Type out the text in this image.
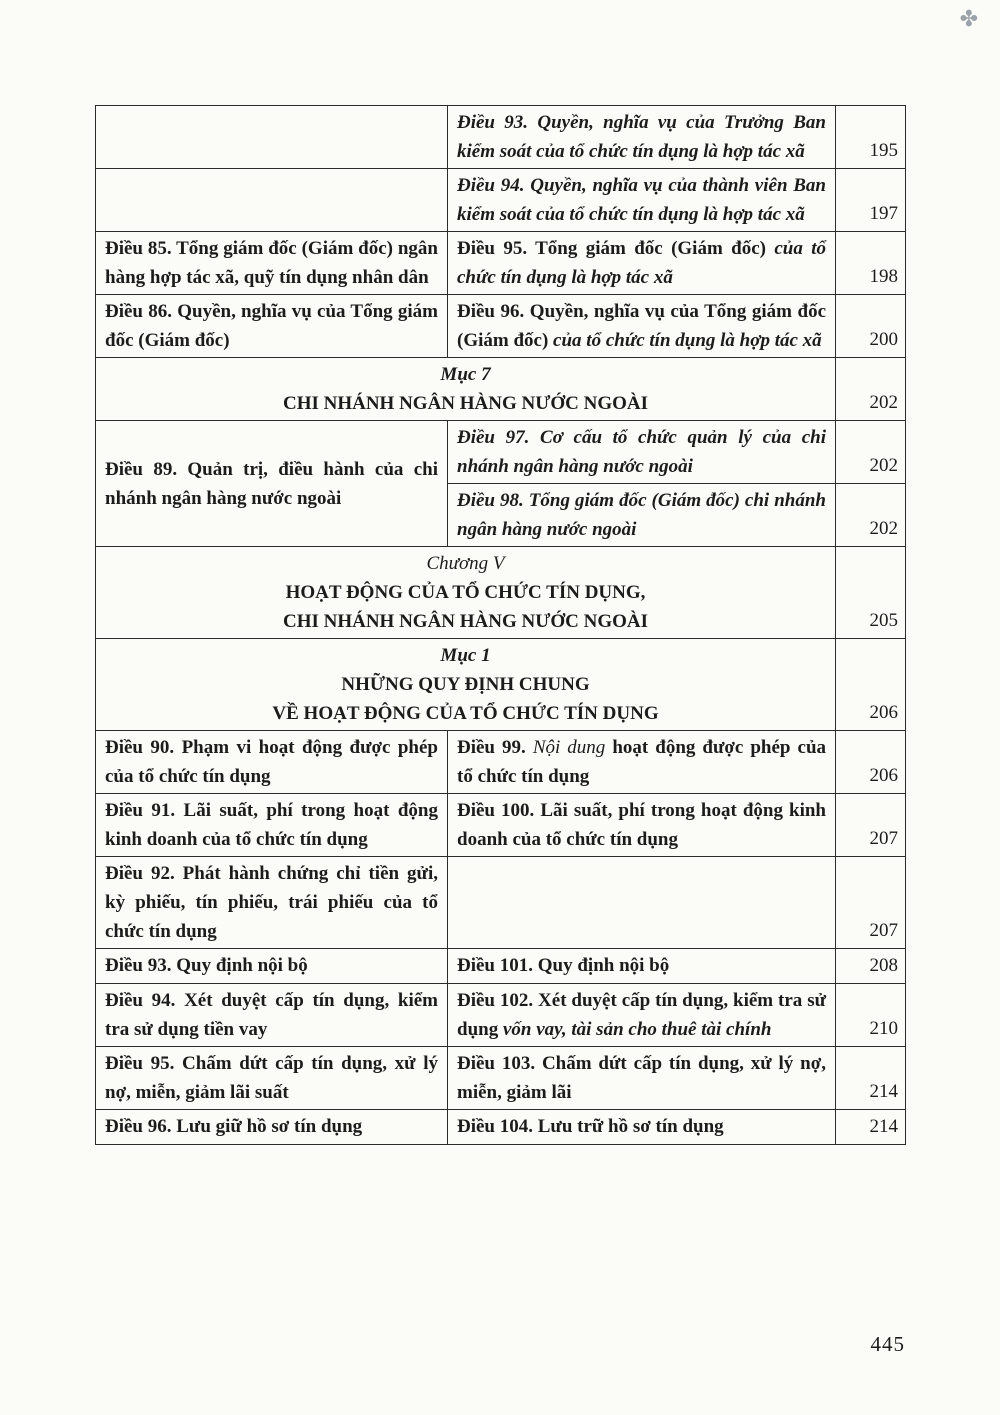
✤
	Điều 93. Quyền, nghĩa vụ của Trưởng Ban kiểm soát của tổ chức tín dụng là hợp tác xã	195
	Điều 94. Quyền, nghĩa vụ của thành viên Ban kiểm soát của tổ chức tín dụng là hợp tác xã	197
Điều 85. Tổng giám đốc (Giám đốc) ngân hàng hợp tác xã, quỹ tín dụng nhân dân	Điều 95. Tổng giám đốc (Giám đốc) của tổ chức tín dụng là hợp tác xã	198
Điều 86. Quyền, nghĩa vụ của Tổng giám đốc (Giám đốc)	Điều 96. Quyền, nghĩa vụ của Tổng giám đốc (Giám đốc) của tổ chức tín dụng là hợp tác xã	200

Mục 7
CHI NHÁNH NGÂN HÀNG NƯỚC NGOÀI		202
Điều 89. Quản trị, điều hành của chi nhánh ngân hàng nước ngoài	Điều 97. Cơ cấu tổ chức quản lý của chi nhánh ngân hàng nước ngoài	202
	Điều 98. Tổng giám đốc (Giám đốc) chi nhánh ngân hàng nước ngoài	202

Chương V
HOẠT ĐỘNG CỦA TỔ CHỨC TÍN DỤNG,
CHI NHÁNH NGÂN HÀNG NƯỚC NGOÀI		205

Mục 1
NHỮNG QUY ĐỊNH CHUNG
VỀ HOẠT ĐỘNG CỦA TỔ CHỨC TÍN DỤNG		206
Điều 90. Phạm vi hoạt động được phép của tổ chức tín dụng	Điều 99. Nội dung hoạt động được phép của tổ chức tín dụng	206
Điều 91. Lãi suất, phí trong hoạt động kinh doanh của tổ chức tín dụng	Điều 100. Lãi suất, phí trong hoạt động kinh doanh của tổ chức tín dụng	207
Điều 92. Phát hành chứng chỉ tiền gửi, kỳ phiếu, tín phiếu, trái phiếu của tổ chức tín dụng		207
Điều 93. Quy định nội bộ	Điều 101. Quy định nội bộ	208
Điều 94. Xét duyệt cấp tín dụng, kiểm tra sử dụng tiền vay	Điều 102. Xét duyệt cấp tín dụng, kiểm tra sử dụng vốn vay, tài sản cho thuê tài chính	210
Điều 95. Chấm dứt cấp tín dụng, xử lý nợ, miễn, giảm lãi suất	Điều 103. Chấm dứt cấp tín dụng, xử lý nợ, miễn, giảm lãi	214
Điều 96. Lưu giữ hồ sơ tín dụng	Điều 104. Lưu trữ hồ sơ tín dụng	214
445
